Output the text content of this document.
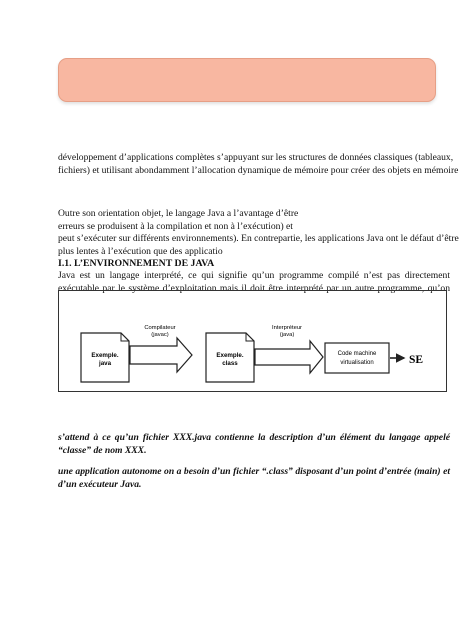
développement d’applications complètes s’appuyant sur les structures de données classiques (tableaux,
fichiers) et utilisant abondamment l’allocation dynamique de mémoire pour créer des objets en mémoire
Outre son orientation objet, le langage Java a l’avantage d’être
erreurs se produisent à la compilation et non à l’exécution) et
peut s’exécuter sur différents environnements). En contrepartie, les applications Java ont le défaut d’être
plus lentes à l’exécution que des applicatio
I.1. L’ENVIRONNEMENT DE JAVA
Java est un langage interprété, ce qui signifie qu’un programme compilé n’est pas directement
exécutable par le système d’exploitation mais il doit être interprété par un autre programme, qu’on
Exemple.
java
Compilateur
(javac)
Exemple.
class
Interpréteur
(java)
Code machine
virtualisation	SE
s’attend à ce qu’un fichier XXX.java contienne la description d’un élément du langage appelé
“classe” de nom XXX.
une application autonome on a besoin d’un fichier “.class” disposant d’un point d’entrée (main) et
d’un exécuteur Java.
